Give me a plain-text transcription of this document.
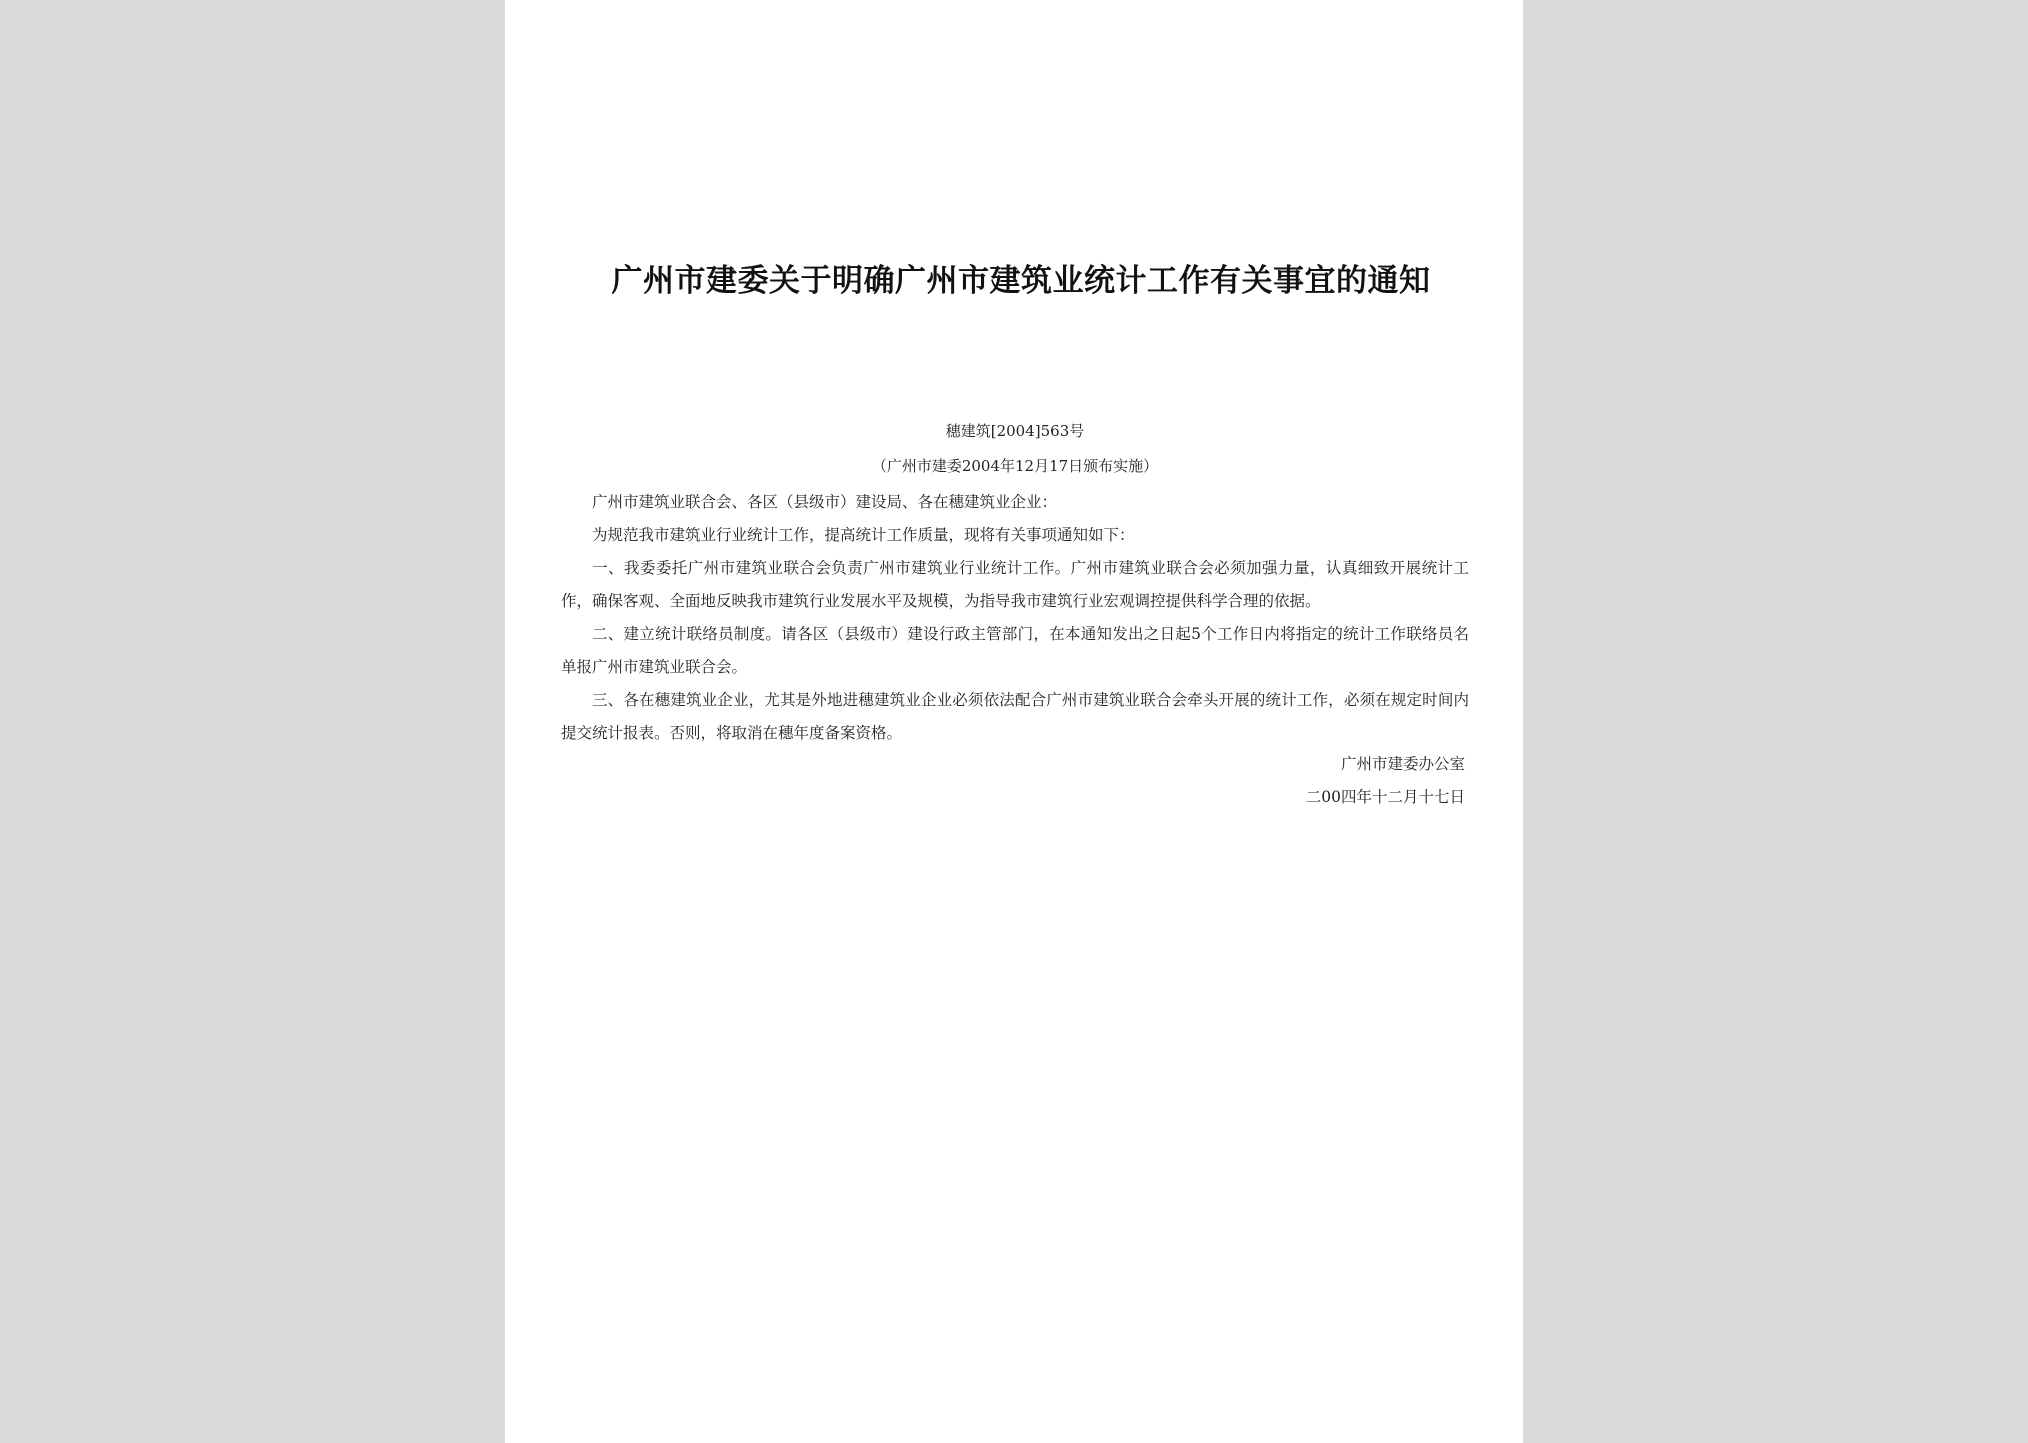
广州市建委关于明确广州市建筑业统计工作有关事宜的通知
穗建筑[2004]563号
（广州市建委2004年12月17日颁布实施）

广州市建筑业联合会、各区（县级市）建设局、各在穗建筑业企业：

为规范我市建筑业行业统计工作，提高统计工作质量，现将有关事项通知如下：

一、我委委托广州市建筑业联合会负责广州市建筑业行业统计工作。广州市建筑业联合会必须加强力量，认真细致开展统计工作，确保客观、全面地反映我市建筑行业发展水平及规模，为指导我市建筑行业宏观调控提供科学合理的依据。

二、建立统计联络员制度。请各区（县级市）建设行政主管部门，在本通知发出之日起5个工作日内将指定的统计工作联络员名单报广州市建筑业联合会。

三、各在穗建筑业企业，尤其是外地进穗建筑业企业必须依法配合广州市建筑业联合会牵头开展的统计工作，必须在规定时间内提交统计报表。否则，将取消在穗年度备案资格。

广州市建委办公室
二00四年十二月十七日
